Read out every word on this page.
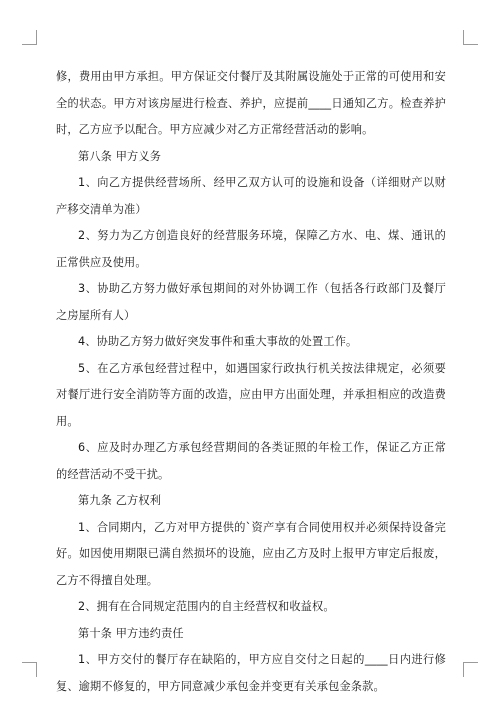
修，费用由甲方承担。甲方保证交付餐厅及其附属设施处于正常的可使用和安全的状态。甲方对该房屋进行检查、养护，应提前____日通知乙方。检查养护时，乙方应予以配合。甲方应减少对乙方正常经营活动的影响。

第八条 甲方义务

1、向乙方提供经营场所、经甲乙双方认可的设施和设备（详细财产以财产移交清单为准）

2、努力为乙方创造良好的经营服务环境，保障乙方水、电、煤、通讯的正常供应及使用。

3、协助乙方努力做好承包期间的对外协调工作（包括各行政部门及餐厅之房屋所有人）

4、协助乙方努力做好突发事件和重大事故的处置工作。

5、在乙方承包经营过程中，如遇国家行政执行机关按法律规定，必须要对餐厅进行安全消防等方面的改造，应由甲方出面处理，并承担相应的改造费用。

6、应及时办理乙方承包经营期间的各类证照的年检工作，保证乙方正常的经营活动不受干扰。

第九条 乙方权利

1、合同期内，乙方对甲方提供的`资产享有合同使用权并必须保持设备完好。如因使用期限已满自然损坏的设施，应由乙方及时上报甲方审定后报废，乙方不得擅自处理。

2、拥有在合同规定范围内的自主经营权和收益权。

第十条 甲方违约责任

1、甲方交付的餐厅存在缺陷的，甲方应自交付之日起的____日内进行修复、逾期不修复的，甲方同意减少承包金并变更有关承包金条款。
